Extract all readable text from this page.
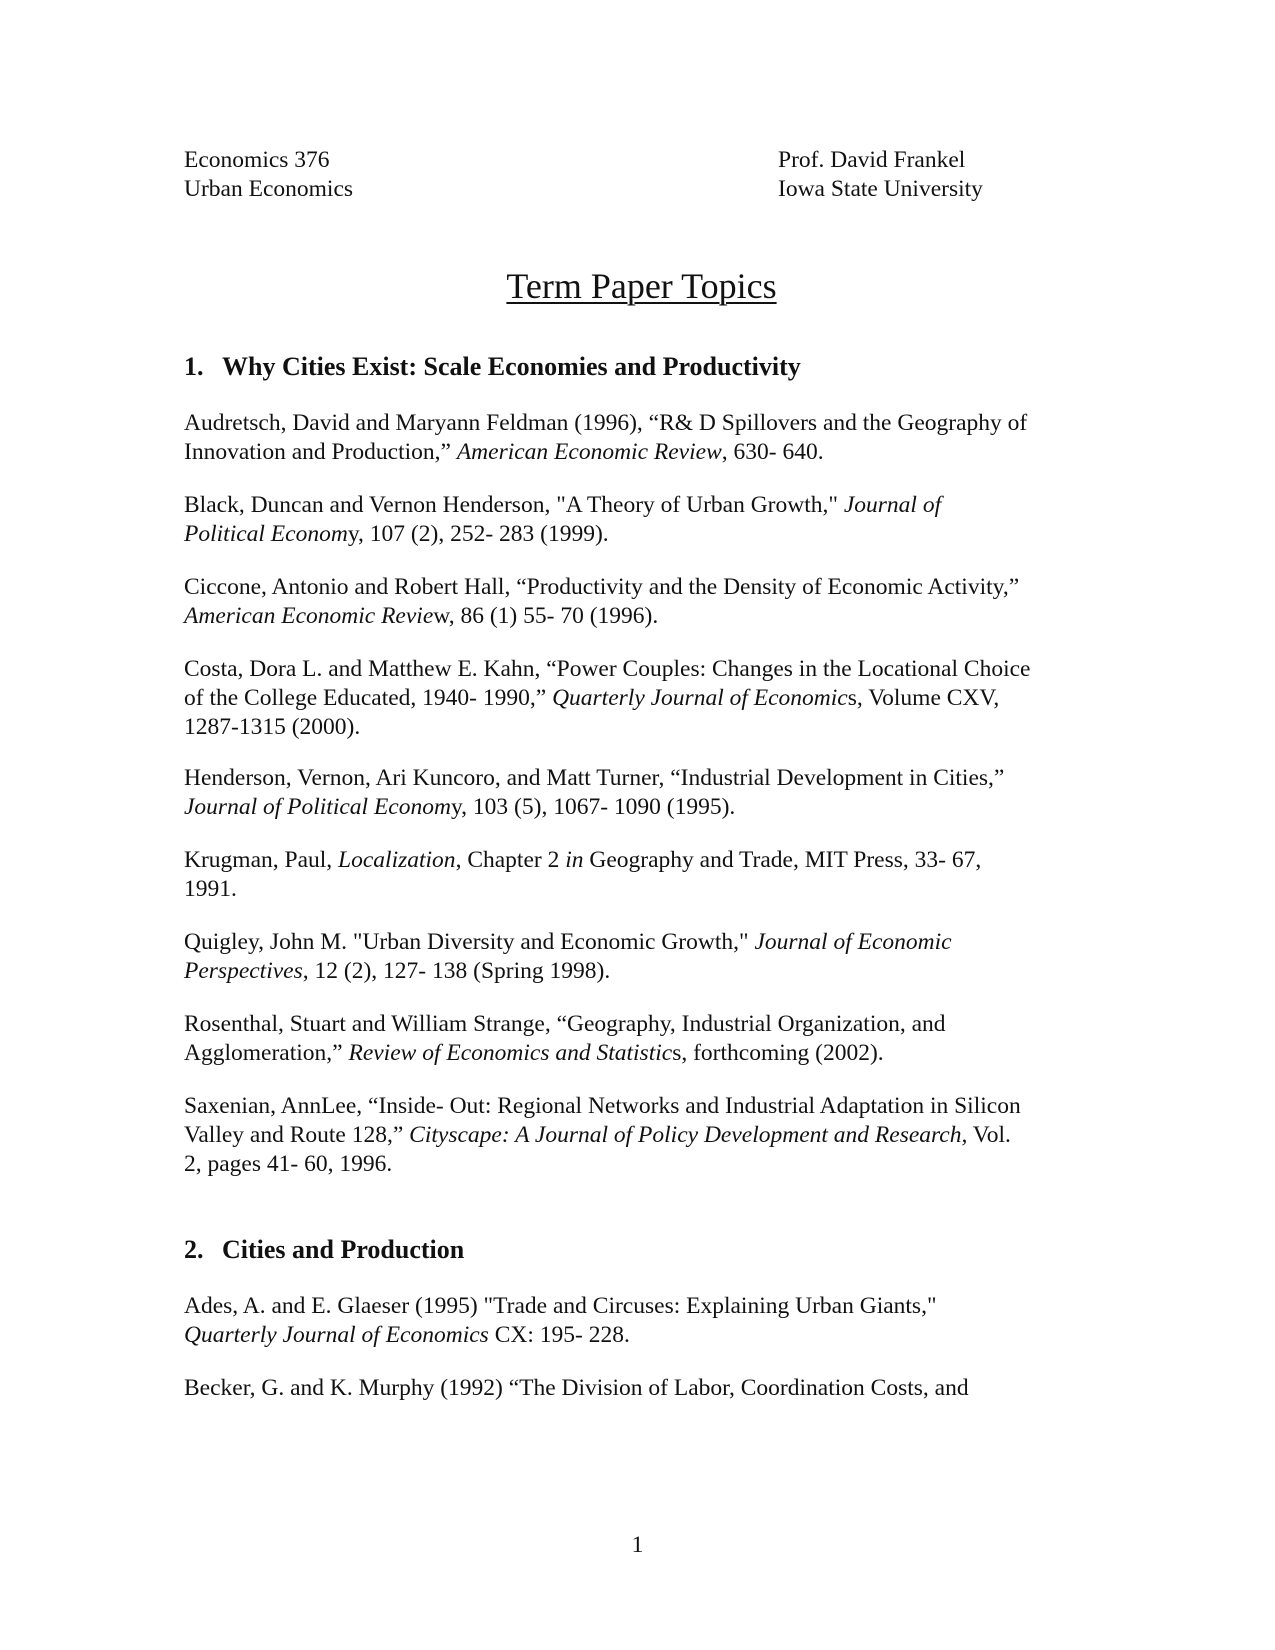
Economics 376
Urban Economics
Prof. David Frankel
Iowa State University
Term Paper Topics
1. Why Cities Exist: Scale Economies and Productivity
Audretsch, David and Maryann Feldman (1996), “R& D Spillovers and the Geography of
Innovation and Production,” American Economic Review, 630- 640.
Black, Duncan and Vernon Henderson, "A Theory of Urban Growth," Journal of
Political Economy, 107 (2), 252- 283 (1999).
Ciccone, Antonio and Robert Hall, “Productivity and the Density of Economic Activity,”
American Economic Review, 86 (1) 55- 70 (1996).
Costa, Dora L. and Matthew E. Kahn, “Power Couples: Changes in the Locational Choice
of the College Educated, 1940- 1990,” Quarterly Journal of Economics, Volume CXV,
1287-1315 (2000).
Henderson, Vernon, Ari Kuncoro, and Matt Turner, “Industrial Development in Cities,”
Journal of Political Economy, 103 (5), 1067- 1090 (1995).
Krugman, Paul, Localization, Chapter 2 in Geography and Trade, MIT Press, 33- 67,
1991.
Quigley, John M. "Urban Diversity and Economic Growth," Journal of Economic
Perspectives, 12 (2), 127- 138 (Spring 1998).
Rosenthal, Stuart and William Strange, “Geography, Industrial Organization, and
Agglomeration,” Review of Economics and Statistics, forthcoming (2002).
Saxenian, AnnLee, “Inside- Out: Regional Networks and Industrial Adaptation in Silicon
Valley and Route 128,” Cityscape: A Journal of Policy Development and Research, Vol.
2, pages 41- 60, 1996.
2. Cities and Production
Ades, A. and E. Glaeser (1995) "Trade and Circuses: Explaining Urban Giants,"
Quarterly Journal of Economics CX: 195- 228.
Becker, G. and K. Murphy (1992) “The Division of Labor, Coordination Costs, and
1
